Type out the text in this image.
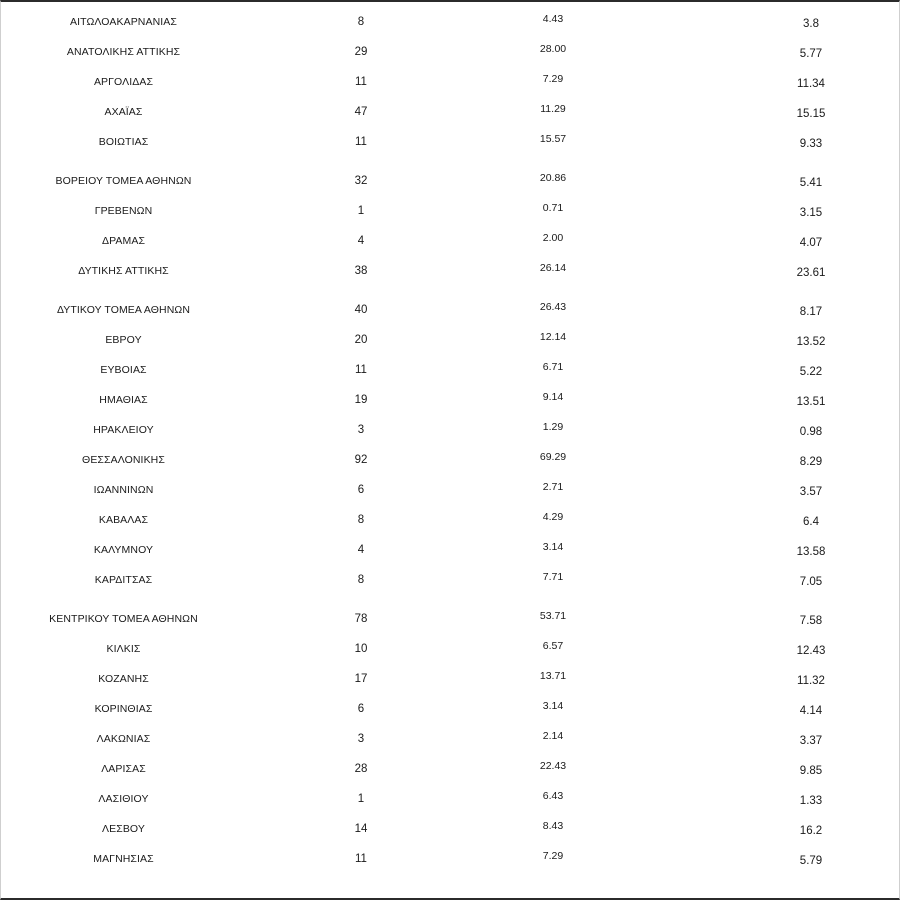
ΑΙΤΩΛΟΑΚΑΡΝΑΝΙΑΣ	8	4.43	3.8
ΑΝΑΤΟΛΙΚΗΣ ΑΤΤΙΚΗΣ	29	28.00	5.77
ΑΡΓΟΛΙΔΑΣ	11	7.29	11.34
ΑΧΑΪΑΣ	47	11.29	15.15
ΒΟΙΩΤΙΑΣ	11	15.57	9.33
ΒΟΡΕΙΟΥ ΤΟΜΕΑ ΑΘΗΝΩΝ	32	20.86	5.41
ΓΡΕΒΕΝΩΝ	1	0.71	3.15
ΔΡΑΜΑΣ	4	2.00	4.07
ΔΥΤΙΚΗΣ ΑΤΤΙΚΗΣ	38	26.14	23.61
ΔΥΤΙΚΟΥ ΤΟΜΕΑ ΑΘΗΝΩΝ	40	26.43	8.17
ΕΒΡΟΥ	20	12.14	13.52
ΕΥΒΟΙΑΣ	11	6.71	5.22
ΗΜΑΘΙΑΣ	19	9.14	13.51
ΗΡΑΚΛΕΙΟΥ	3	1.29	0.98
ΘΕΣΣΑΛΟΝΙΚΗΣ	92	69.29	8.29
ΙΩΑΝΝΙΝΩΝ	6	2.71	3.57
ΚΑΒΑΛΑΣ	8	4.29	6.4
ΚΑΛΥΜΝΟΥ	4	3.14	13.58
ΚΑΡΔΙΤΣΑΣ	8	7.71	7.05
ΚΕΝΤΡΙΚΟΥ ΤΟΜΕΑ ΑΘΗΝΩΝ	78	53.71	7.58
ΚΙΛΚΙΣ	10	6.57	12.43
ΚΟΖΑΝΗΣ	17	13.71	11.32
ΚΟΡΙΝΘΙΑΣ	6	3.14	4.14
ΛΑΚΩΝΙΑΣ	3	2.14	3.37
ΛΑΡΙΣΑΣ	28	22.43	9.85
ΛΑΣΙΘΙΟΥ	1	6.43	1.33
ΛΕΣΒΟΥ	14	8.43	16.2
ΜΑΓΝΗΣΙΑΣ	11	7.29	5.79
